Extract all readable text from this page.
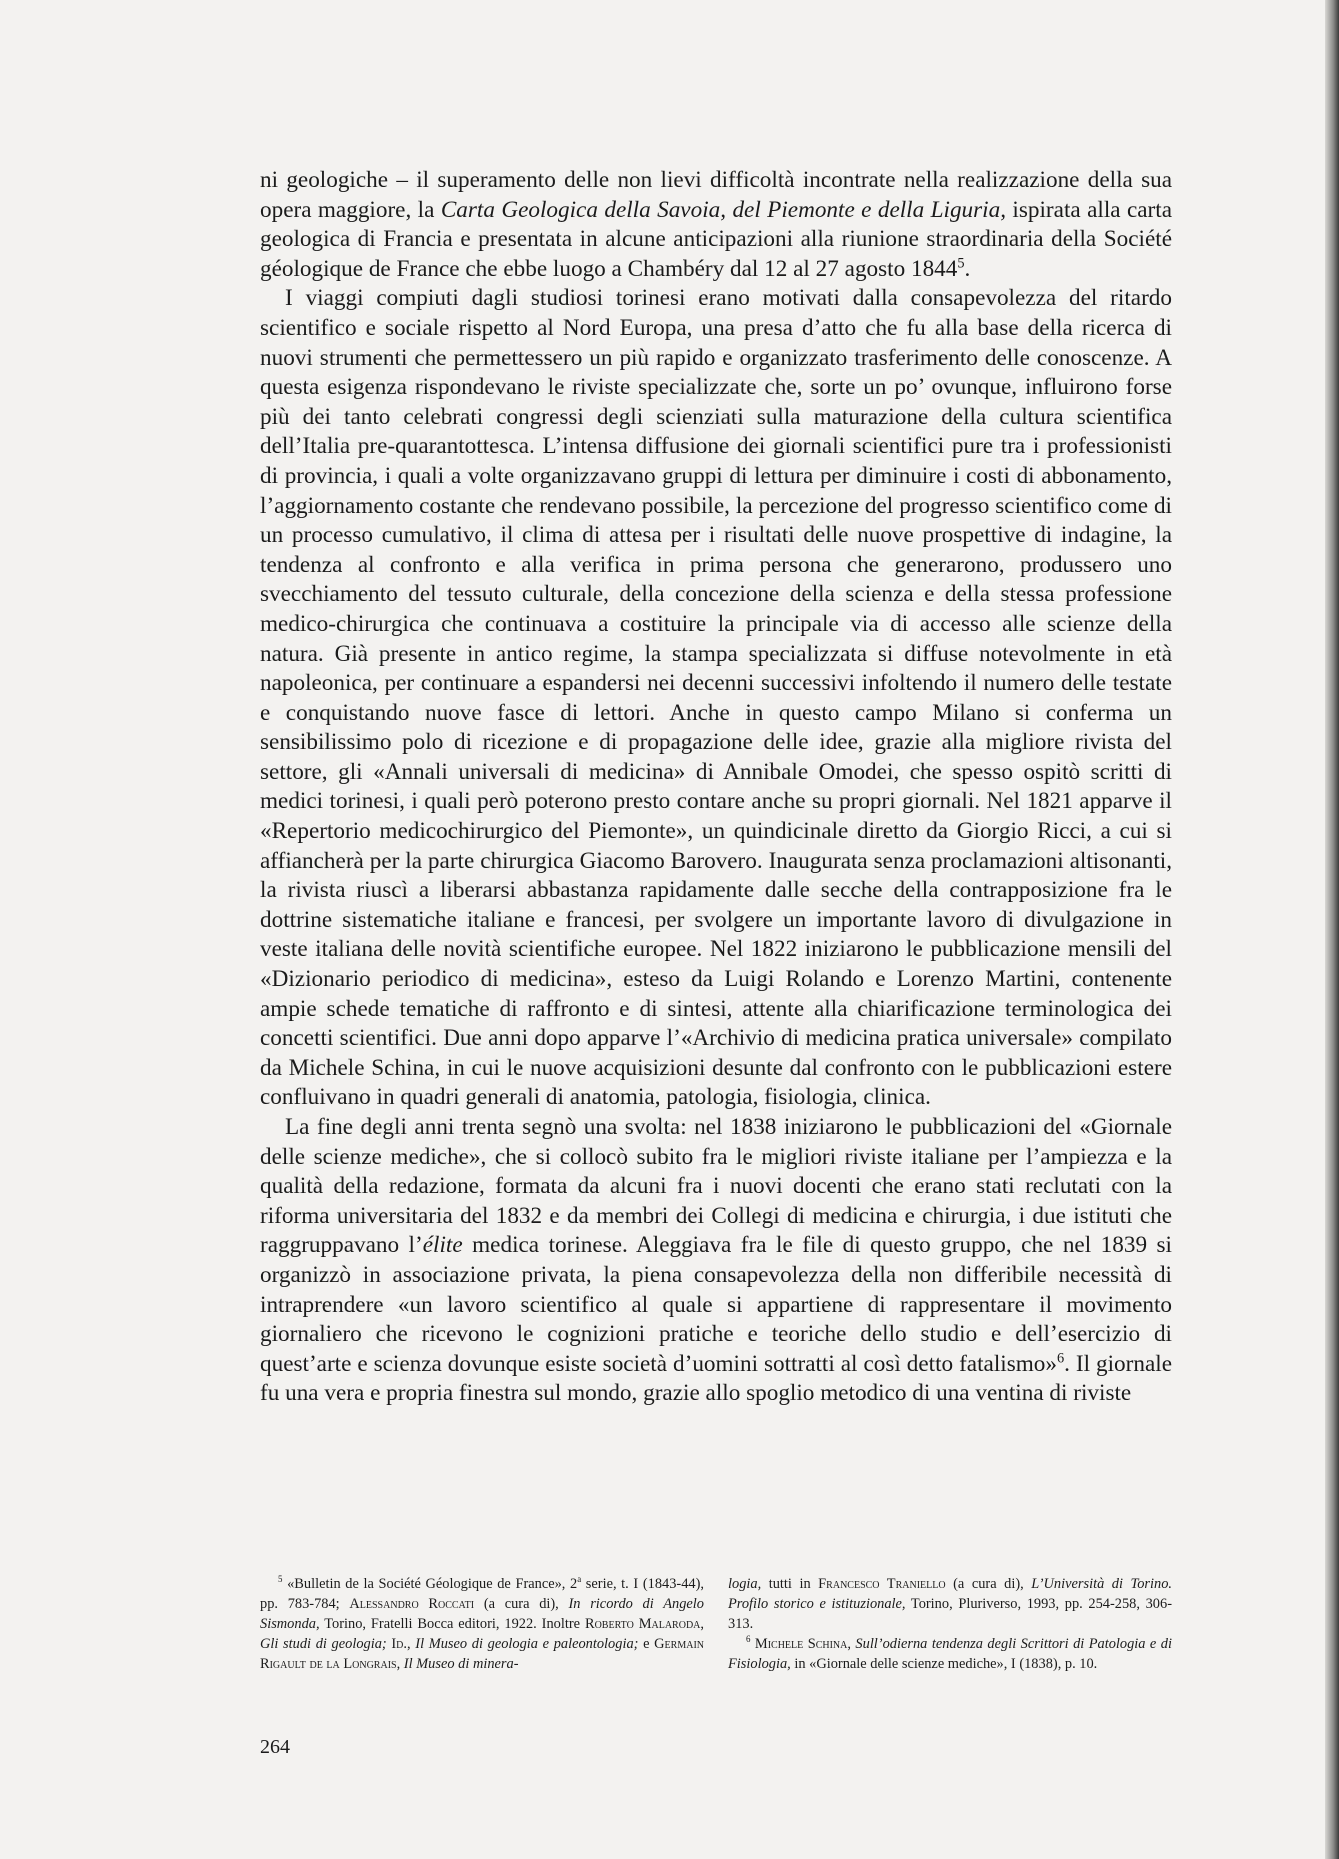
ni geologiche – il superamento delle non lievi difficoltà incontrate nella realizzazione della sua opera maggiore, la Carta Geologica della Savoia, del Piemonte e della Liguria, ispirata alla carta geologica di Francia e presentata in alcune anticipazioni alla riunione straordinaria della Société géologique de France che ebbe luogo a Chambéry dal 12 al 27 agosto 1844$^5$.

I viaggi compiuti dagli studiosi torinesi erano motivati dalla consapevolezza del ritardo scientifico e sociale rispetto al Nord Europa, una presa d’atto che fu alla base della ricerca di nuovi strumenti che permettessero un più rapido e organizzato trasferimento delle conoscenze. A questa esigenza rispondevano le riviste specializzate che, sorte un po’ ovunque, influirono forse più dei tanto celebrati congressi degli scienziati sulla maturazione della cultura scientifica dell’Italia pre-quarantottesca. L’intensa diffusione dei giornali scientifici pure tra i professionisti di provincia, i quali a volte organizzavano gruppi di lettura per diminuire i costi di abbonamento, l’aggiornamento costante che rendevano possibile, la percezione del progresso scientifico come di un processo cumulativo, il clima di attesa per i risultati delle nuove prospettive di indagine, la tendenza al confronto e alla verifica in prima persona che generarono, produssero uno svecchiamento del tessuto culturale, della concezione della scienza e della stessa professione medico-chirurgica che continuava a costituire la principale via di accesso alle scienze della natura. Già presente in antico regime, la stampa specializzata si diffuse notevolmente in età napoleonica, per continuare a espandersi nei decenni successivi infoltendo il numero delle testate e conquistando nuove fasce di lettori. Anche in questo campo Milano si conferma un sensibilissimo polo di ricezione e di propagazione delle idee, grazie alla migliore rivista del settore, gli «Annali universali di medicina» di Annibale Omodei, che spesso ospitò scritti di medici torinesi, i quali però poterono presto contare anche su propri giornali. Nel 1821 apparve il «Repertorio medicochirurgico del Piemonte», un quindicinale diretto da Giorgio Ricci, a cui si affiancherà per la parte chirurgica Giacomo Barovero. Inaugurata senza proclamazioni altisonanti, la rivista riuscì a liberarsi abbastanza rapidamente dalle secche della contrapposizione fra le dottrine sistematiche italiane e francesi, per svolgere un importante lavoro di divulgazione in veste italiana delle novità scientifiche europee. Nel 1822 iniziarono le pubblicazione mensili del «Dizionario periodico di medicina», esteso da Luigi Rolando e Lorenzo Martini, contenente ampie schede tematiche di raffronto e di sintesi, attente alla chiarificazione terminologica dei concetti scientifici. Due anni dopo apparve l’«Archivio di medicina pratica universale» compilato da Michele Schina, in cui le nuove acquisizioni desunte dal confronto con le pubblicazioni estere confluivano in quadri generali di anatomia, patologia, fisiologia, clinica.

La fine degli anni trenta segnò una svolta: nel 1838 iniziarono le pubblicazioni del «Giornale delle scienze mediche», che si collocò subito fra le migliori riviste italiane per l’ampiezza e la qualità della redazione, formata da alcuni fra i nuovi docenti che erano stati reclutati con la riforma universitaria del 1832 e da membri dei Collegi di medicina e chirurgia, i due istituti che raggruppavano l’élite medica torinese. Aleggiava fra le file di questo gruppo, che nel 1839 si organizzò in associazione privata, la piena consapevolezza della non differibile necessità di intraprendere «un lavoro scientifico al quale si appartiene di rappresentare il movimento giornaliero che ricevono le cognizioni pratiche e teoriche dello studio e dell’esercizio di quest’arte e scienza dovunque esiste società d’uomini sottratti al così detto fatalismo»$^6$. Il giornale fu una vera e propria finestra sul mondo, grazie allo spoglio metodico di una ventina di riviste

$^5$ «Bulletin de la Société Géologique de France», 2$^a$ serie, t. I (1843-44), pp. 783-784; Alessandro Roccati (a cura di), In ricordo di Angelo Sismonda, Torino, Fratelli Bocca editori, 1922. Inoltre Roberto Malaroda, Gli studi di geologia; Id., Il Museo di geologia e paleontologia; e Germain Rigault de la Longrais, Il Museo di minera-

logia, tutti in Francesco Traniello (a cura di), L’Università di Torino. Profilo storico e istituzionale, Torino, Pluriverso, 1993, pp. 254-258, 306-313.

$^6$ Michele Schina, Sull’odierna tendenza degli Scrittori di Patologia e di Fisiologia, in «Giornale delle scienze mediche», I (1838), p. 10.

264
